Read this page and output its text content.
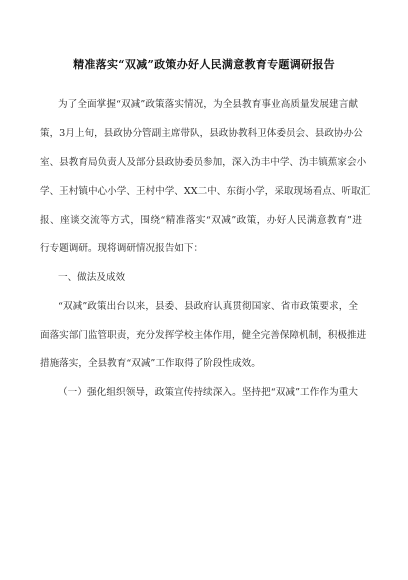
精准落实“双减”政策办好人民满意教育专题调研报告
为了全面掌握“双减”政策落实情况，为全县教育事业高质量发展建言献
策，3月上旬，县政协分管副主席带队，县政协教科卫体委员会、县政协办公
室、县教育局负责人及部分县政协委员参加，深入沩丰中学、沩丰镇蕉家会小
学、王村镇中心小学、王村中学、XX二中、东街小学，采取现场看点、听取汇
报、座谈交流等方式，围绕“精准落实“双减”政策，办好人民满意教育”进
行专题调研。现将调研情况报告如下：
一、做法及成效
“双减”政策出台以来，县委、县政府认真贯彻国家、省市政策要求，全
面落实部门监管职责，充分发挥学校主体作用，健全完善保障机制，积极推进
措施落实，全县教育“双减”工作取得了阶段性成效。
（一）强化组织领导，政策宣传持续深入。坚持把“双减”工作作为重大
